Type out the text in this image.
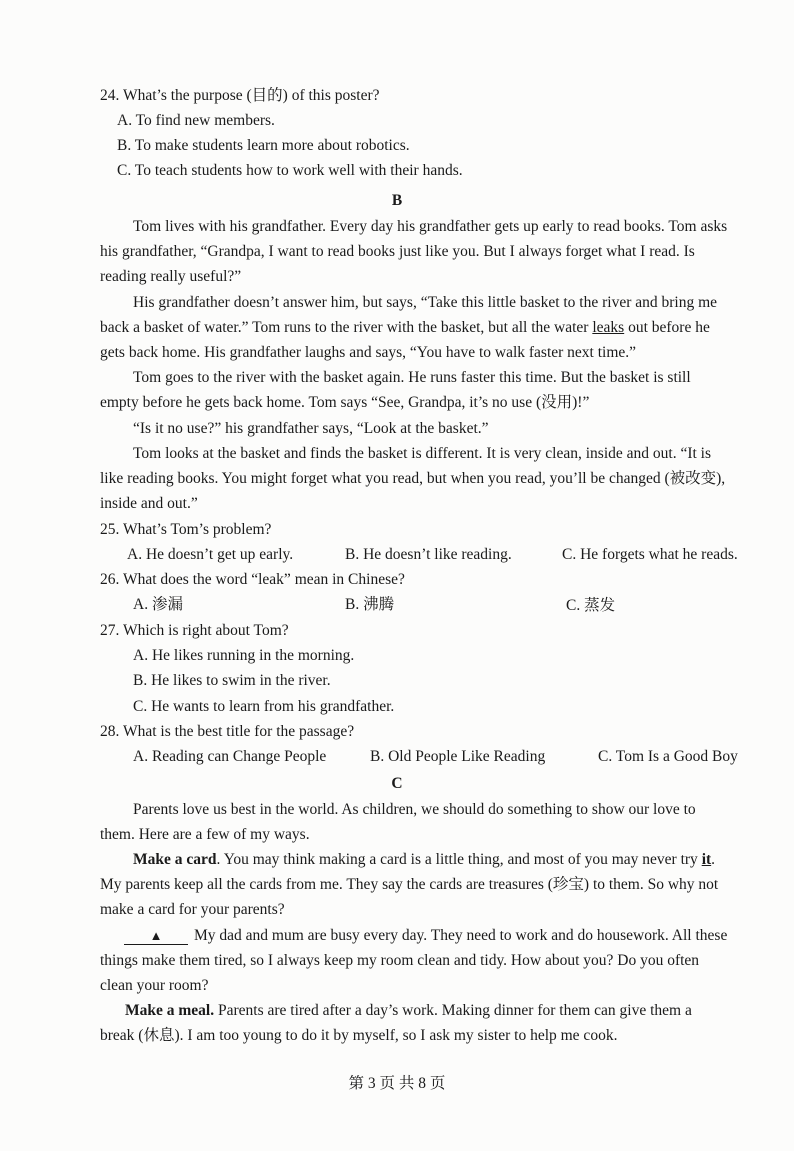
24. What’s the purpose (目的) of this poster?
A. To find new members.
B. To make students learn more about robotics.
C. To teach students how to work well with their hands.
B
Tom lives with his grandfather. Every day his grandfather gets up early to read books. Tom asks
his grandfather, “Grandpa, I want to read books just like you. But I always forget what I read. Is
reading really useful?”
His grandfather doesn’t answer him, but says, “Take this little basket to the river and bring me
back a basket of water.” Tom runs to the river with the basket, but all the water leaks out before he
gets back home. His grandfather laughs and says, “You have to walk faster next time.”
Tom goes to the river with the basket again. He runs faster this time. But the basket is still
empty before he gets back home. Tom says “See, Grandpa, it’s no use (没用)!”
“Is it no use?” his grandfather says, “Look at the basket.”
Tom looks at the basket and finds the basket is different. It is very clean, inside and out. “It is
like reading books. You might forget what you read, but when you read, you’ll be changed (被改变),
inside and out.”
25. What’s Tom’s problem?
A. He doesn’t get up early.	B. He doesn’t like reading.	C. He forgets what he reads.
26. What does the word “leak” mean in Chinese?
A. 渗漏	B. 沸腾	C. 蒸发
27. Which is right about Tom?
A. He likes running in the morning.
B. He likes to swim in the river.
C. He wants to learn from his grandfather.
28. What is the best title for the passage?
A. Reading can Change People	B. Old People Like Reading	C. Tom Is a Good Boy
C
Parents love us best in the world. As children, we should do something to show our love to
them. Here are a few of my ways.
Make a card. You may think making a card is a little thing, and most of you may never try it.
My parents keep all the cards from me. They say the cards are treasures (珍宝) to them. So why not
make a card for your parents?
▲ My dad and mum are busy every day. They need to work and do housework. All these
things make them tired, so I always keep my room clean and tidy. How about you? Do you often
clean your room?
Make a meal. Parents are tired after a day’s work. Making dinner for them can give them a
break (休息). I am too young to do it by myself, so I ask my sister to help me cook.
第 3 页 共 8 页
